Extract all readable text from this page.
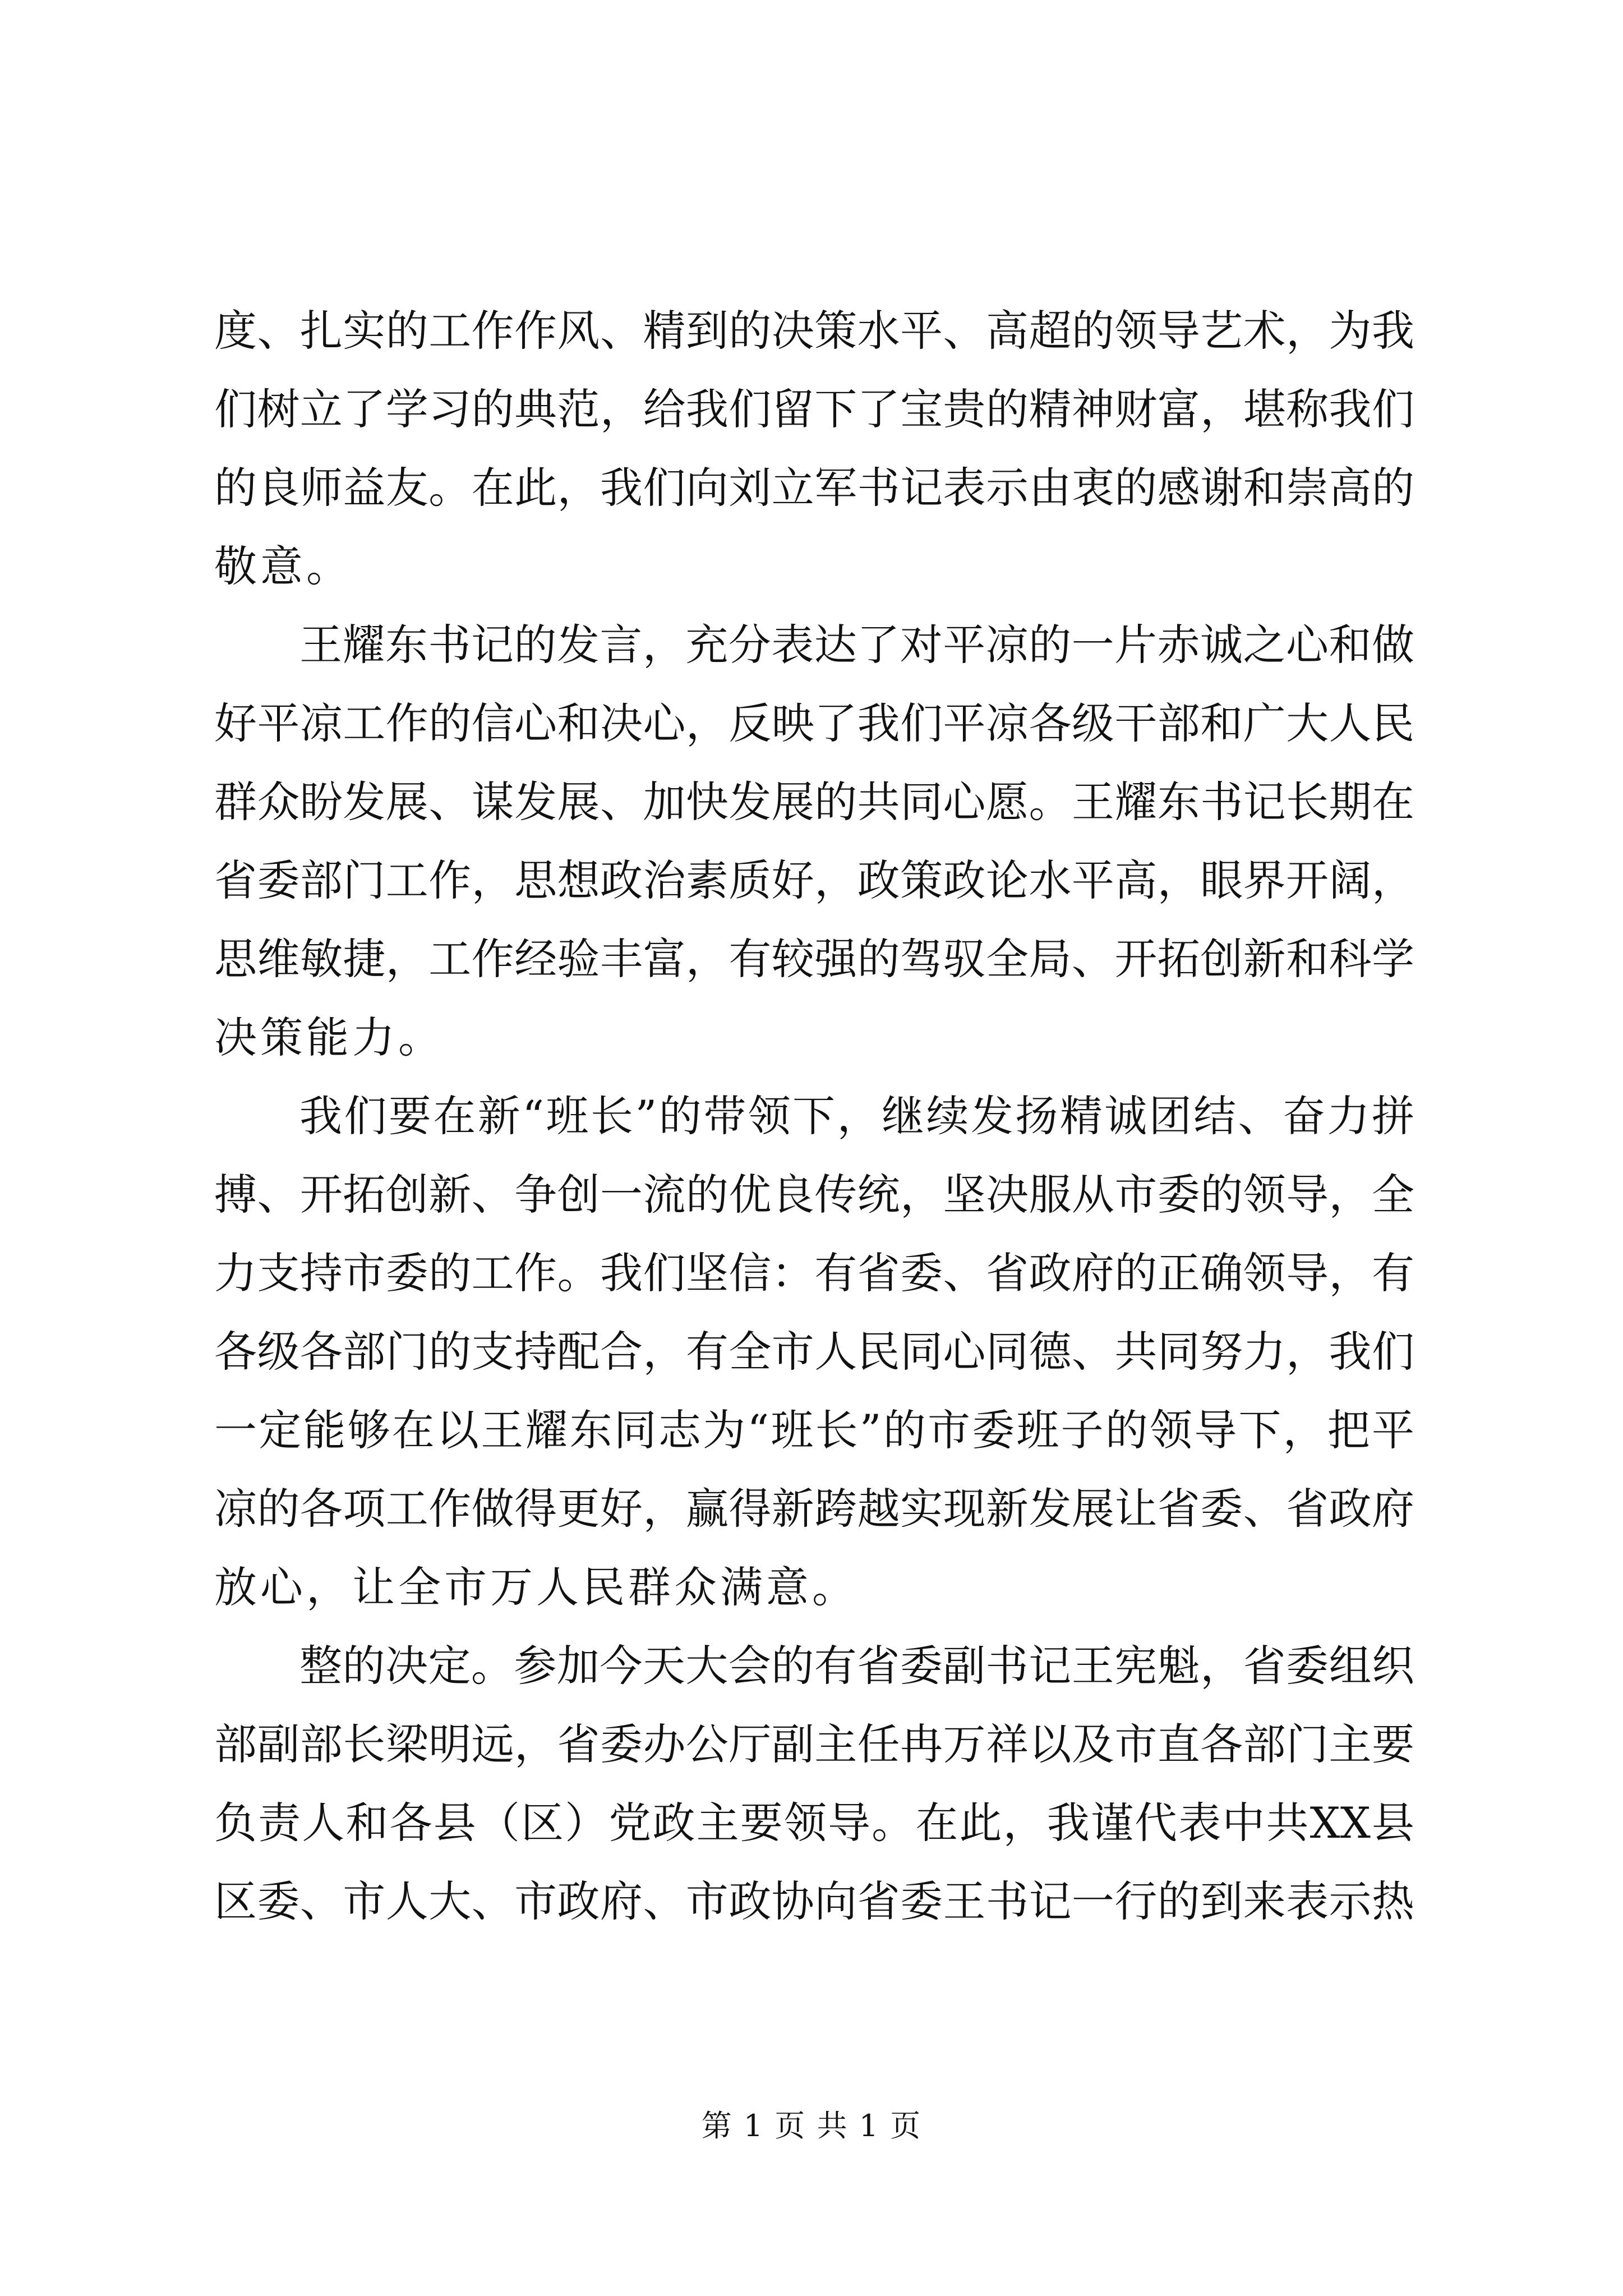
度、扎实的工作作风、精到的决策水平、高超的领导艺术，为我
们树立了学习的典范，给我们留下了宝贵的精神财富，堪称我们
的良师益友。在此，我们向刘立军书记表示由衷的感谢和崇高的
敬意。
王耀东书记的发言，充分表达了对平凉的一片赤诚之心和做
好平凉工作的信心和决心，反映了我们平凉各级干部和广大人民
群众盼发展、谋发展、加快发展的共同心愿。王耀东书记长期在
省委部门工作，思想政治素质好，政策政论水平高，眼界开阔，
思维敏捷，工作经验丰富，有较强的驾驭全局、开拓创新和科学
决策能力。
我们要在新“班长”的带领下，继续发扬精诚团结、奋力拼
搏、开拓创新、争创一流的优良传统，坚决服从市委的领导，全
力支持市委的工作。我们坚信：有省委、省政府的正确领导，有
各级各部门的支持配合，有全市人民同心同德、共同努力，我们
一定能够在以王耀东同志为“班长”的市委班子的领导下，把平
凉的各项工作做得更好，赢得新跨越实现新发展让省委、省政府
放心，让全市万人民群众满意。
整的决定。参加今天大会的有省委副书记王宪魁，省委组织
部副部长梁明远，省委办公厅副主任冉万祥以及市直各部门主要
负责人和各县（区）党政主要领导。在此，我谨代表中共XX县
区委、市人大、市政府、市政协向省委王书记一行的到来表示热
第 1 页 共 1 页
